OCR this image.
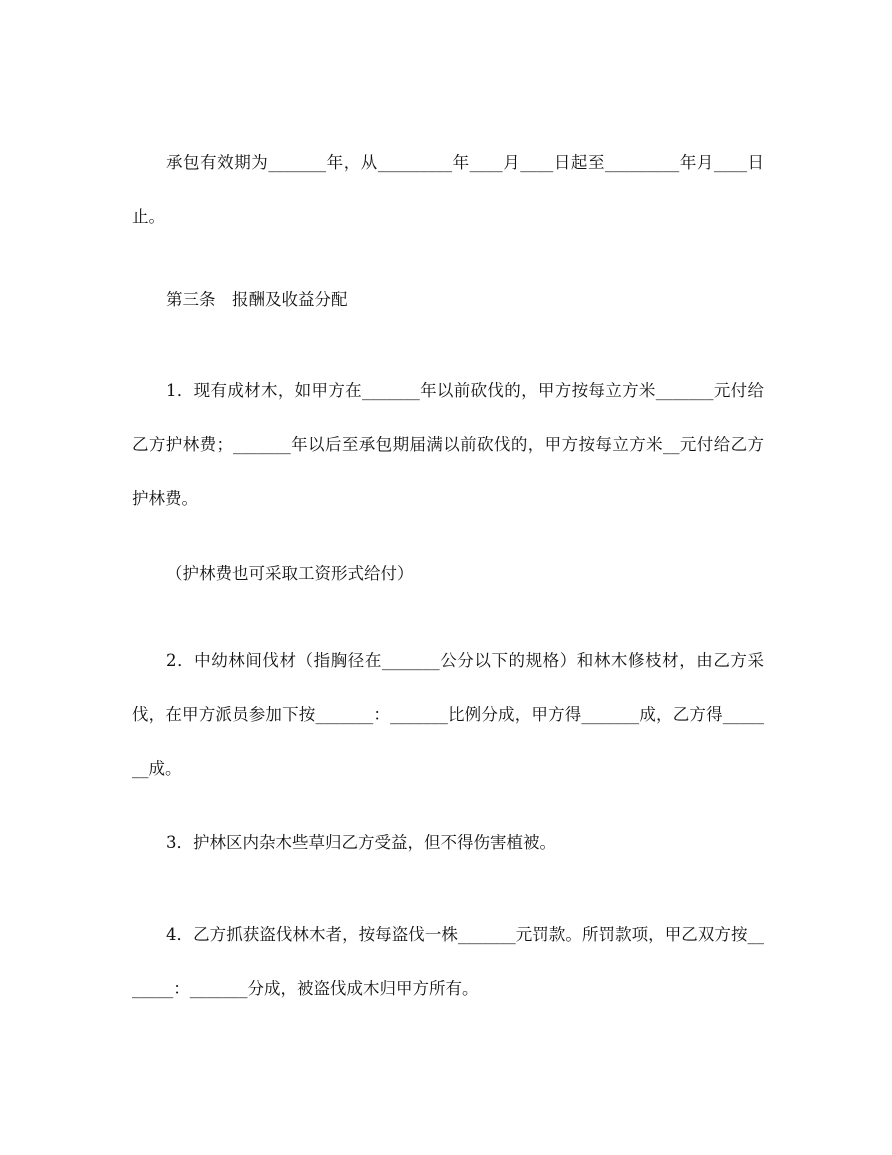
承包有效期为_______年，从_________年____月____日起至_________年月____日止。

第三条　报酬及收益分配

1．现有成材木，如甲方在_______年以前砍伐的，甲方按每立方米_______元付给乙方护林费；_______年以后至承包期届满以前砍伐的，甲方按每立方米__元付给乙方护林费。

（护林费也可采取工资形式给付）

2．中幼林间伐材（指胸径在_______公分以下的规格）和林木修枝材，由乙方采伐，在甲方派员参加下按_______：_______比例分成，甲方得_______成，乙方得_______成。

3．护林区内杂木些草归乙方受益，但不得伤害植被。

4．乙方抓获盗伐林木者，按每盗伐一株_______元罚款。所罚款项，甲乙双方按_______：_______分成，被盗伐成木归甲方所有。
